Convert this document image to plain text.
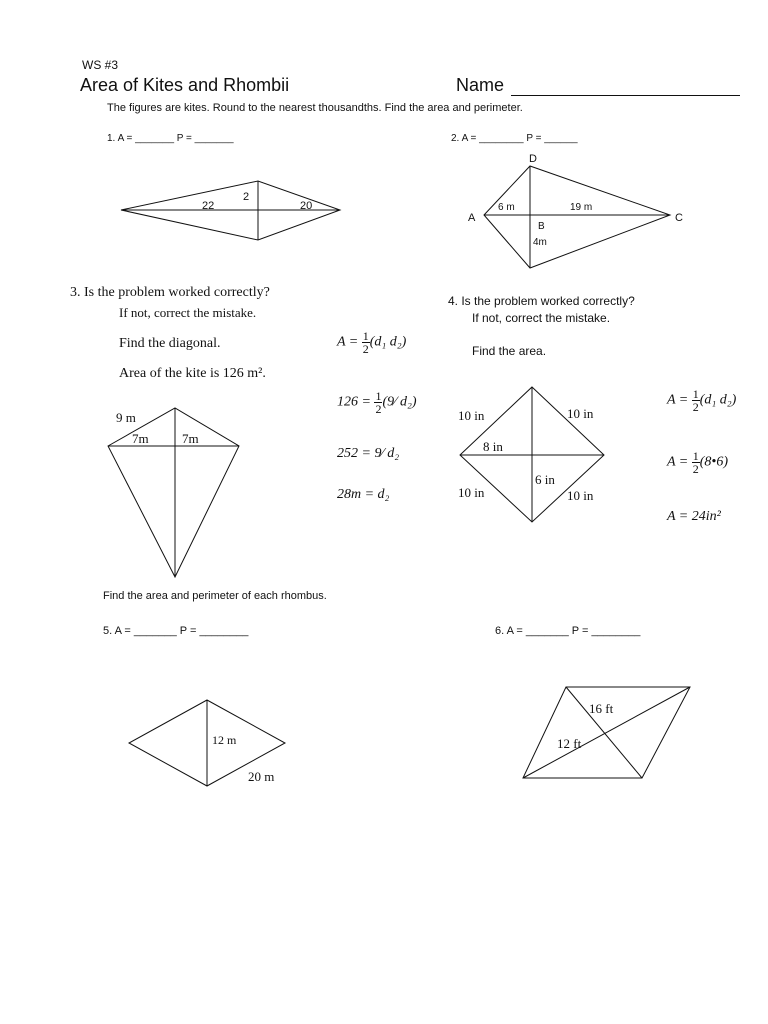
WS #3
Area of Kites and Rhombii	Name
The figures are kites. Round to the nearest thousandths. Find the area and perimeter.
1. A = _______ P = _______
22	20
2
D
A
B
C
6 m	19 m
4m
9 m
7m	7m
10 in	10 in
10 in	10 in
8 in
6 in
12 m
20 m
16 ft
12 ft
2. A = ________ P = ______
3. Is the problem worked correctly?
If not, correct the mistake.
Find the diagonal.
Area of the kite is 126 m².
$A = \frac{1}{2} (d_1$ d₂)
$126 = \frac{1}{2}$ (9⁄ d₂)
252 = 9⁄ d₂
28m = d₂
4. Is the problem worked correctly?
If not, correct the mistake.
Find the area.
$A = \frac{1}{2} (d_1$ d₂)
$A = \frac{1}{2}$ (8•6)
A = 24in²
Find the area and perimeter of each rhombus.
5. A = _______ P = ________	6. A = _______ P = ________
